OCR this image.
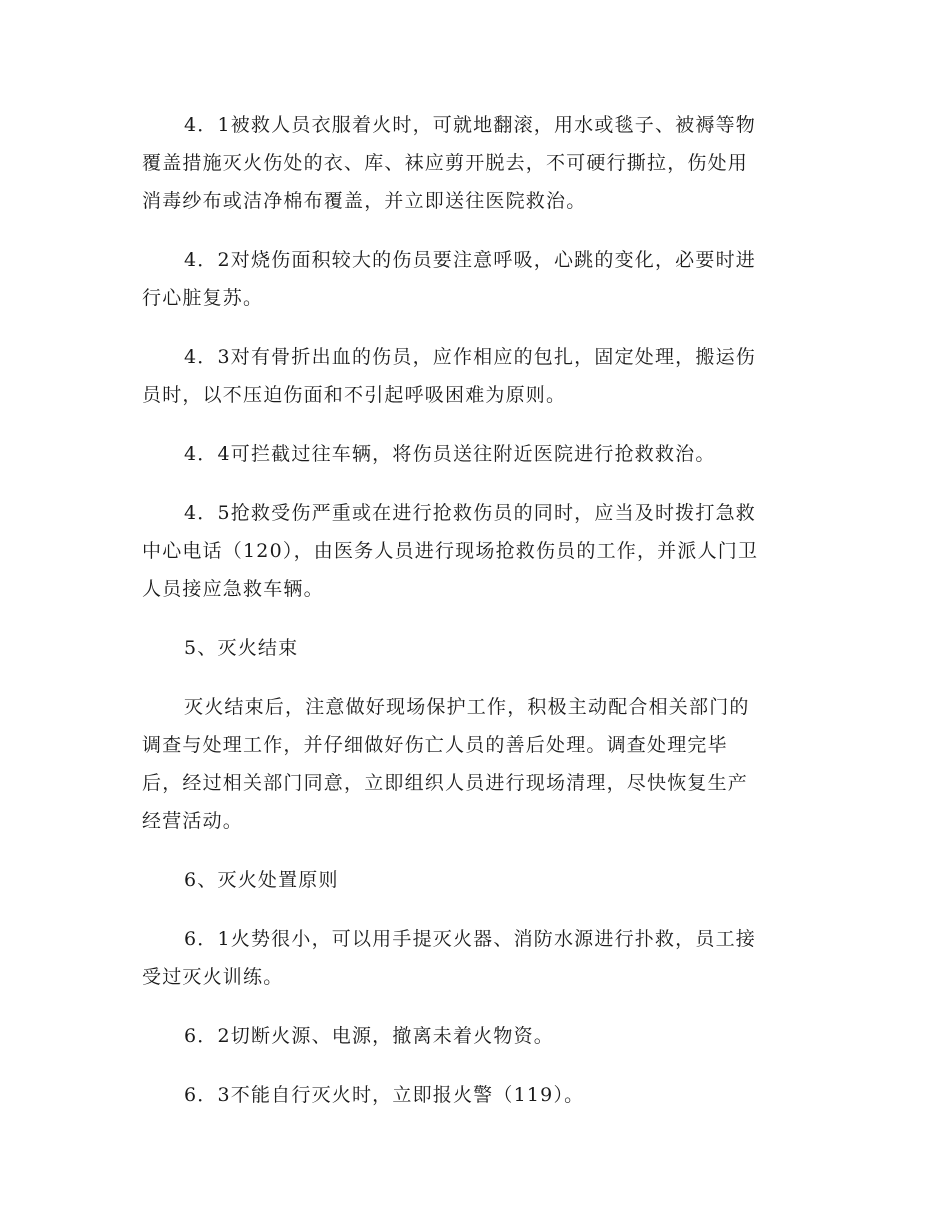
4．1被救人员衣服着火时，可就地翻滚，用水或毯子、被褥等物
覆盖措施灭火伤处的衣、库、袜应剪开脱去，不可硬行撕拉，伤处用
消毒纱布或洁净棉布覆盖，并立即送往医院救治。

4．2对烧伤面积较大的伤员要注意呼吸，心跳的变化，必要时进
行心脏复苏。

4．3对有骨折出血的伤员，应作相应的包扎，固定处理，搬运伤
员时，以不压迫伤面和不引起呼吸困难为原则。

4．4可拦截过往车辆，将伤员送往附近医院进行抢救救治。

4．5抢救受伤严重或在进行抢救伤员的同时，应当及时拨打急救
中心电话（120），由医务人员进行现场抢救伤员的工作，并派人门卫
人员接应急救车辆。

5、灭火结束

灭火结束后，注意做好现场保护工作，积极主动配合相关部门的
调查与处理工作，并仔细做好伤亡人员的善后处理。调查处理完毕
后，经过相关部门同意，立即组织人员进行现场清理，尽快恢复生产
经营活动。

6、灭火处置原则

6．1火势很小，可以用手提灭火器、消防水源进行扑救，员工接
受过灭火训练。

6．2切断火源、电源，撤离未着火物资。

6．3不能自行灭火时，立即报火警（119）。
